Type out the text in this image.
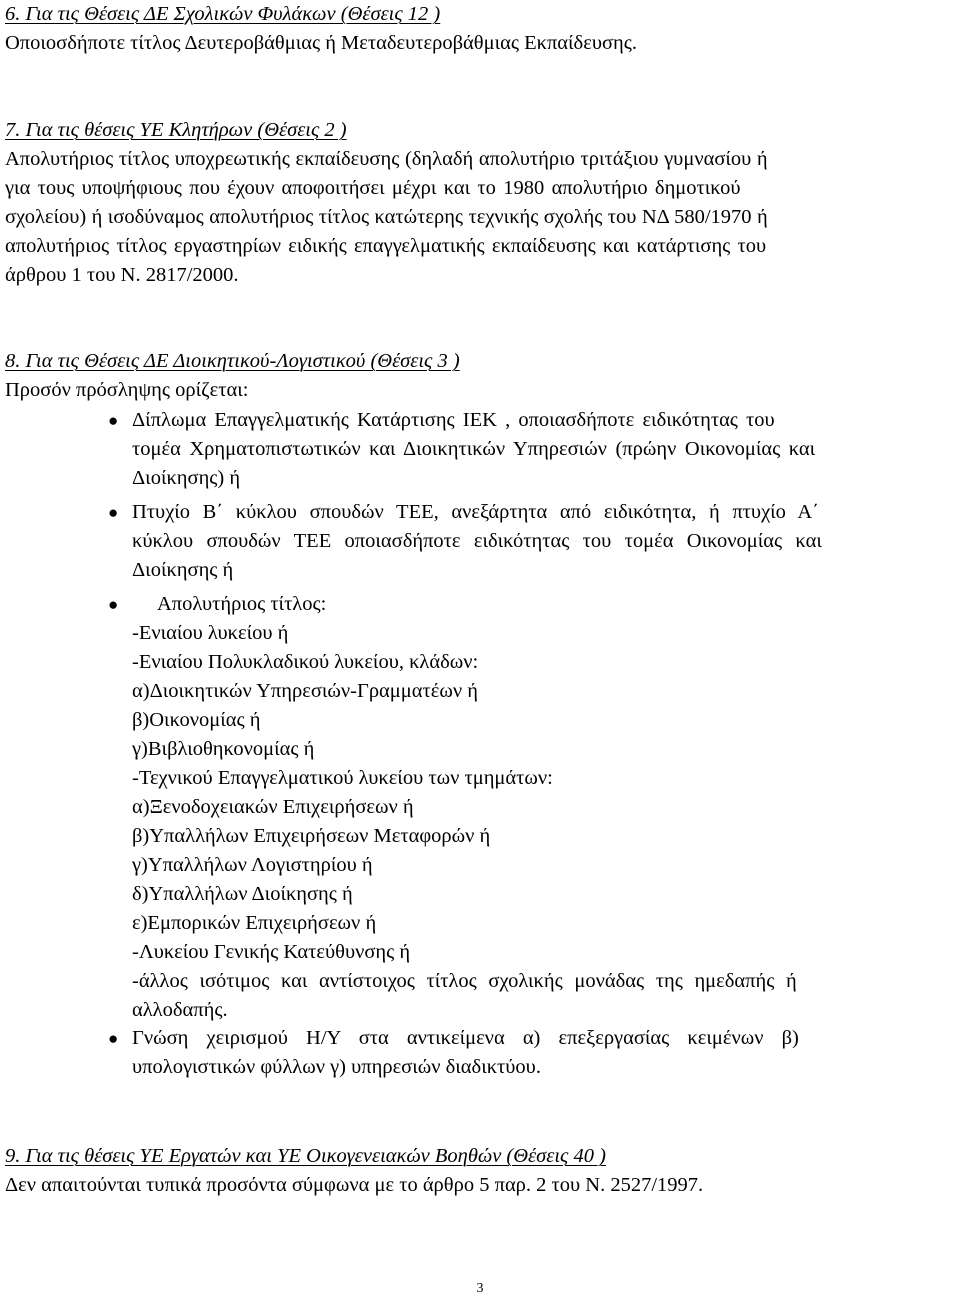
6. Για τις Θέσεις ΔΕ Σχολικών Φυλάκων (Θέσεις 12 )
Οποιοσδήποτε τίτλος Δευτεροβάθμιας ή Μεταδευτεροβάθμιας Εκπαίδευσης.
7. Για τις θέσεις ΥΕ Κλητήρων (Θέσεις 2 )
Απολυτήριος τίτλος υποχρεωτικής εκπαίδευσης (δηλαδή απολυτήριο τριτάξιου γυμνασίου ή
για τους υποψήφιους που έχουν αποφοιτήσει μέχρι και το 1980 απολυτήριο δημοτικού
σχολείου) ή ισοδύναμος απολυτήριος τίτλος κατώτερης τεχνικής σχολής του ΝΔ 580/1970 ή
απολυτήριος τίτλος εργαστηρίων ειδικής επαγγελματικής εκπαίδευσης και κατάρτισης του
άρθρου 1 του Ν. 2817/2000.
8. Για τις Θέσεις ΔΕ Διοικητικού-Λογιστικού (Θέσεις 3 )
Προσόν πρόσληψης ορίζεται:
● Δίπλωμα Επαγγελματικής Κατάρτισης ΙΕΚ , οποιασδήποτε ειδικότητας του
τομέα Χρηματοπιστωτικών και Διοικητικών Υπηρεσιών (πρώην Οικονομίας και
Διοίκησης) ή
● Πτυχίο Β΄ κύκλου σπουδών ΤΕΕ, ανεξάρτητα από ειδικότητα, ή πτυχίο Α΄
κύκλου σπουδών ΤΕΕ οποιασδήποτε ειδικότητας του τομέα Οικονομίας και
Διοίκησης ή
● Απολυτήριος τίτλος:
-Ενιαίου λυκείου ή
-Ενιαίου Πολυκλαδικού λυκείου, κλάδων:
α)Διοικητικών Υπηρεσιών-Γραμματέων ή
β)Οικονομίας ή
γ)Βιβλιοθηκονομίας ή
-Τεχνικού Επαγγελματικού λυκείου των τμημάτων:
α)Ξενοδοχειακών Επιχειρήσεων ή
β)Υπαλλήλων Επιχειρήσεων Μεταφορών ή
γ)Υπαλλήλων Λογιστηρίου ή
δ)Υπαλλήλων Διοίκησης ή
ε)Εμπορικών Επιχειρήσεων ή
-Λυκείου Γενικής Κατεύθυνσης ή
-άλλος ισότιμος και αντίστοιχος τίτλος σχολικής μονάδας της ημεδαπής ή
αλλοδαπής.
● Γνώση χειρισμού Η/Υ στα αντικείμενα α) επεξεργασίας κειμένων β)
υπολογιστικών φύλλων γ) υπηρεσιών διαδικτύου.
9. Για τις θέσεις ΥΕ Εργατών και ΥΕ Οικογενειακών Βοηθών (Θέσεις 40 )
Δεν απαιτούνται τυπικά προσόντα σύμφωνα με το άρθρο 5 παρ. 2 του Ν. 2527/1997.
3
